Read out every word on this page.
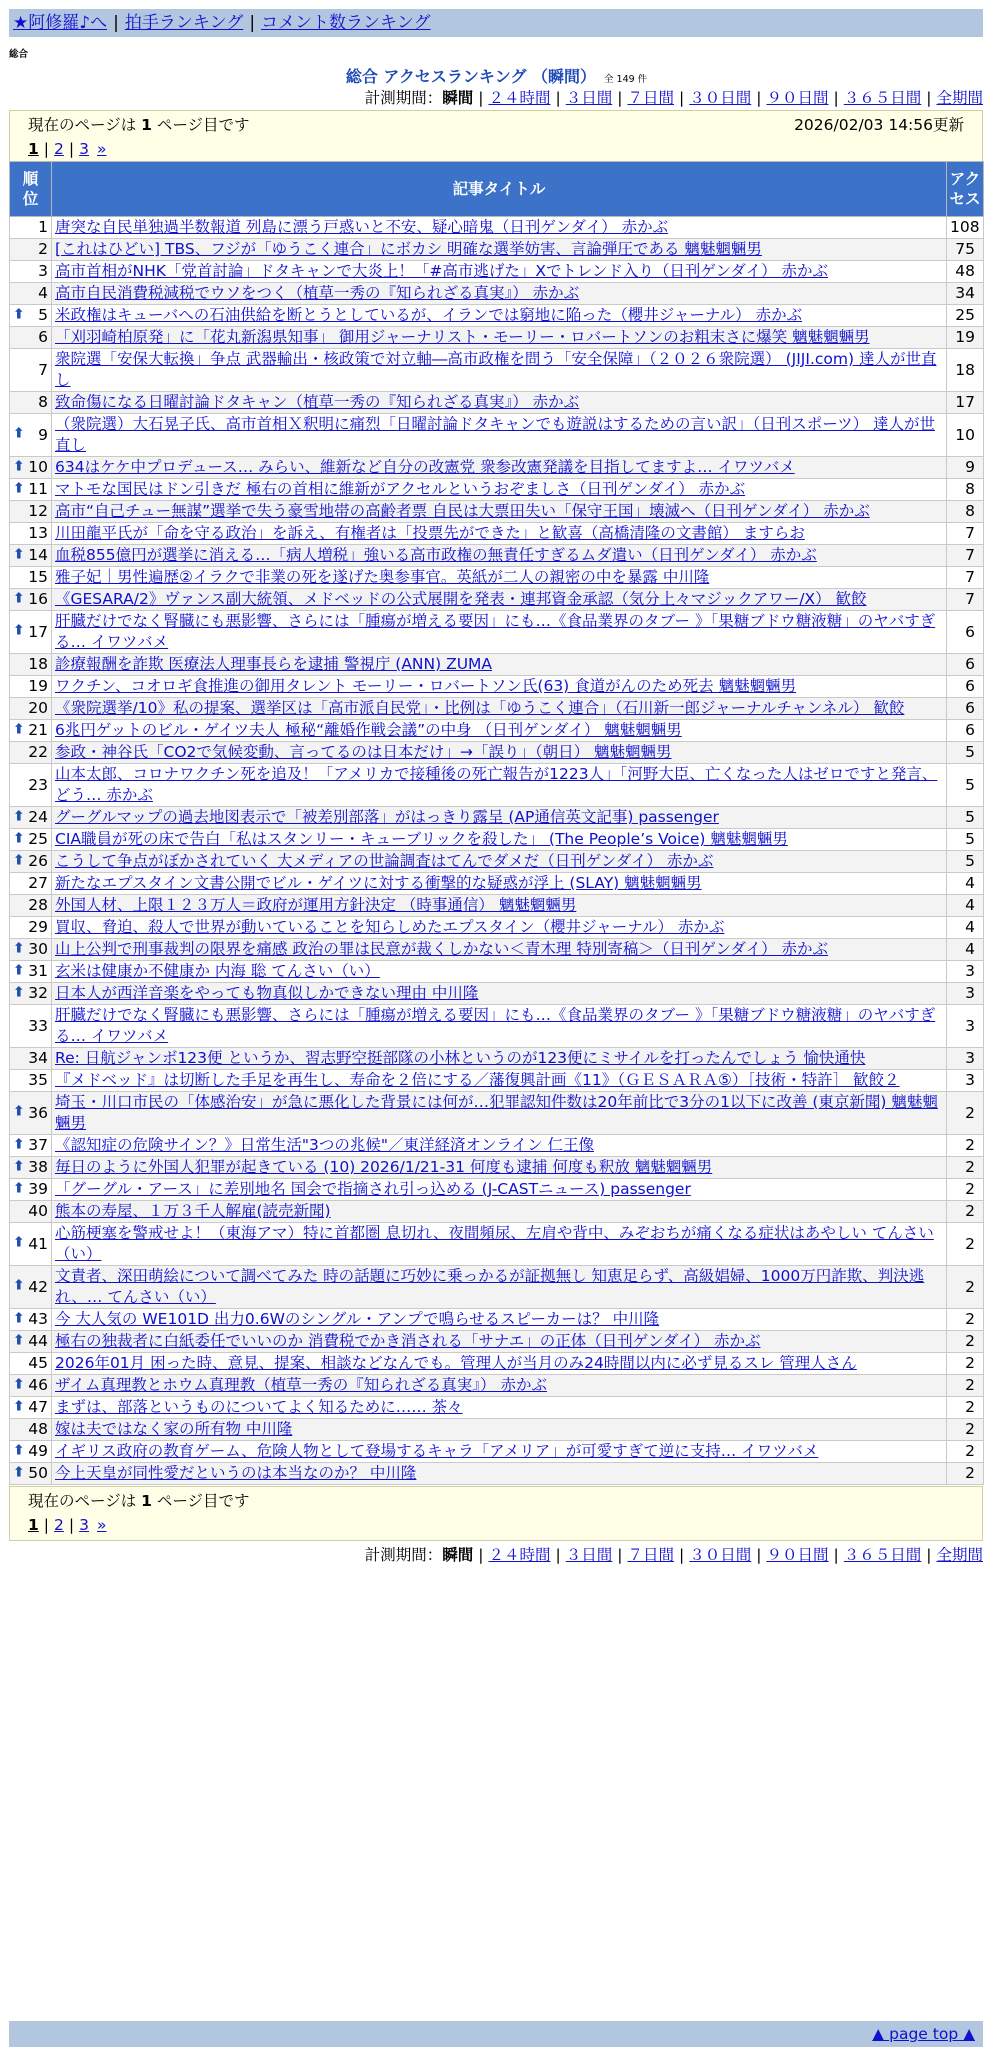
★阿修羅♪へ | 拍手ランキング | コメント数ランキング
総合
総合 アクセスランキング （瞬間） 全 149 件
計測期間：瞬間 | ２４時間 | ３日間 | ７日間 | ３０日間 | ９０日間 | ３６５日間 | 全期間
現在のページは 1 ページ目です	2026/02/03 14:56更新
1 | 2 | 3 »
順位	記事タイトル	アクセス
1	唐突な自民単独過半数報道 列島に漂う戸惑いと不安、疑心暗鬼（日刊ゲンダイ） 赤かぶ	108
2	[これはひどい] TBS、フジが「ゆうこく連合」にボカシ 明確な選挙妨害、言論弾圧である 魑魅魍魎男	75
3	高市首相がNHK「党首討論」ドタキャンで大炎上！「#高市逃げた」Xでトレンド入り（日刊ゲンダイ） 赤かぶ	48
4	高市自民消費税減税でウソをつく（植草一秀の『知られざる真実』） 赤かぶ	34

⬆ 5	米政権はキューバへの石油供給を断とうとしているが、イランでは窮地に陥った（櫻井ジャーナル） 赤かぶ	25
6	「刈羽崎柏原発」に「花丸新潟県知事」 御用ジャーナリスト・モーリー・ロバートソンのお粗末さに爆笑 魑魅魍魎男	19
7	衆院選「安保大転換」争点 武器輸出・核政策で対立軸―高市政権を問う「安全保障」（２０２６衆院選） (JIJI.com) 達人が世直し	18
8	致命傷になる日曜討論ドタキャン（植草一秀の『知られざる真実』） 赤かぶ	17

⬆ 9	（衆院選）大石晃子氏、高市首相Ｘ釈明に痛烈「日曜討論ドタキャンでも遊説はするための言い訳」（日刊スポーツ） 達人が世直し	10

⬆ 10	634はケケ中プロデュース… みらい、維新など自分の改憲党 衆参改憲発議を目指してますよ… イワツバメ	9

⬆ 11	マトモな国民はドン引きだ 極右の首相に維新がアクセルというおぞましさ（日刊ゲンダイ） 赤かぶ	8
12	高市“自己チュー無謀”選挙で失う豪雪地帯の高齢者票 自民は大票田失い「保守王国」壊滅へ（日刊ゲンダイ） 赤かぶ	8
13	川田龍平氏が「命を守る政治」を訴え、有権者は「投票先ができた」と歓喜（高橋清隆の文書館） ますらお	7

⬆ 14	血税855億円が選挙に消える…「病人増税」強いる高市政権の無責任すぎるムダ遣い（日刊ゲンダイ） 赤かぶ	7
15	雅子妃｜男性遍歴②イラクで非業の死を遂げた奥参事官。英紙が二人の親密の中を暴露 中川隆	7

⬆ 16	《GESARA/2》ヴァンス副大統領、メドベッドの公式展開を発表・連邦資金承認（気分上々マジックアワー/X） 歓餃	7

⬆ 17	肝臓だけでなく腎臓にも悪影響、さらには「腫瘍が増える要因」にも…《食品業界のタブー 》「果糖ブドウ糖液糖」のヤバすぎる… イワツバメ	6
18	診療報酬を詐欺 医療法人理事長らを逮捕 警視庁 (ANN) ZUMA	6
19	ワクチン、コオロギ食推進の御用タレント モーリー・ロバートソン氏(63) 食道がんのため死去 魑魅魍魎男	6
20	《衆院選挙/10》私の提案、選挙区は「高市派自民党」・比例は「ゆうこく連合」（石川新一郎ジャーナルチャンネル） 歓餃	6

⬆ 21	6兆円ゲットのビル・ゲイツ夫人 極秘“離婚作戦会議”の中身 （日刊ゲンダイ） 魑魅魍魎男	6
22	参政・神谷氏「CO2で気候変動、言ってるのは日本だけ」→「誤り」（朝日） 魑魅魍魎男	5
23	山本太郎、コロナワクチン死を追及！「アメリカで接種後の死亡報告が1223人」「河野大臣、亡くなった人はゼロですと発言、どう… 赤かぶ	5

⬆ 24	グーグルマップの過去地図表示で「被差別部落」がはっきり露呈 (AP通信英文記事) passenger	5

⬆ 25	CIA職員が死の床で告白「私はスタンリー・キューブリックを殺した」 (The People’s Voice) 魑魅魍魎男	5

⬆ 26	こうして争点がぼかされていく 大メディアの世論調査はてんでダメだ（日刊ゲンダイ） 赤かぶ	5
27	新たなエプスタイン文書公開でビル・ゲイツに対する衝撃的な疑惑が浮上 (SLAY) 魑魅魍魎男	4
28	外国人材、上限１２３万人＝政府が運用方針決定 （時事通信） 魑魅魍魎男	4
29	買収、脅迫、殺人で世界が動いていることを知らしめたエプスタイン（櫻井ジャーナル） 赤かぶ	4

⬆ 30	山上公判で刑事裁判の限界を痛感 政治の罪は民意が裁くしかない＜青木理 特別寄稿＞（日刊ゲンダイ） 赤かぶ	4

⬆ 31	玄米は健康か不健康か 内海 聡 てんさい（い）	3

⬆ 32	日本人が西洋音楽をやっても物真似しかできない理由 中川隆	3
33	肝臓だけでなく腎臓にも悪影響、さらには「腫瘍が増える要因」にも…《食品業界のタブー 》「果糖ブドウ糖液糖」のヤバすぎる… イワツバメ	3
34	Re: 日航ジャンボ123便 というか、習志野空挺部隊の小林というのが123便にミサイルを打ったんでしょう 愉快通快	3
35	『メドベッド』は切断した手足を再生し、寿命を２倍にする／藩復興計画《11》（ＧＥＳＡＲＡ⑤）［技術・特許］ 歓餃２	3

⬆ 36	埼玉・川口市民の「体感治安」が急に悪化した背景には何が…犯罪認知件数は20年前比で3分の1以下に改善 (東京新聞) 魑魅魍魎男	2

⬆ 37	《認知症の危険サイン？》日常生活"3つの兆候"／東洋経済オンライン 仁王像	2

⬆ 38	毎日のように外国人犯罪が起きている (10) 2026/1/21-31 何度も逮捕 何度も釈放 魑魅魍魎男	2

⬆ 39	「グーグル・アース」に差別地名 国会で指摘され引っ込める (J-CASTニュース) passenger	2
40	熊本の寿屋、１万３千人解雇(読売新聞)	2

⬆ 41	心筋梗塞を警戒せよ！（東海アマ）特に首都圏 息切れ、夜間頻尿、左肩や背中、みぞおちが痛くなる症状はあやしい てんさい（い）	2

⬆ 42	文責者、深田萌絵について調べてみた 時の話題に巧妙に乗っかるが証拠無し 知恵足らず、高級娼婦、1000万円詐欺、判決逃れ、… てんさい（い）	2

⬆ 43	今 大人気の WE101D 出力0.6Wのシングル・アンプで鳴らせるスピーカーは？ 中川隆	2

⬆ 44	極右の独裁者に白紙委任でいいのか 消費税でかき消される「サナエ」の正体（日刊ゲンダイ） 赤かぶ	2
45	2026年01月 困った時、意見、提案、相談などなんでも。管理人が当月のみ24時間以内に必ず見るスレ 管理人さん	2

⬆ 46	ザイム真理教とホウム真理教（植草一秀の『知られざる真実』） 赤かぶ	2

⬆ 47	まずは、部落というものについてよく知るために…… 茶々	2
48	嫁は夫ではなく家の所有物 中川隆	2

⬆ 49	イギリス政府の教育ゲーム、危険人物として登場するキャラ「アメリア」が可愛すぎて逆に支持… イワツバメ	2

⬆ 50	今上天皇が同性愛だというのは本当なのか？ 中川隆	2
計測期間：瞬間 | ２４時間 | ３日間 | ７日間 | ３０日間 | ９０日間 | ３６５日間 | 全期間
現在のページは 1 ページ目です
1 | 2 | 3 »
▲ page top ▲
